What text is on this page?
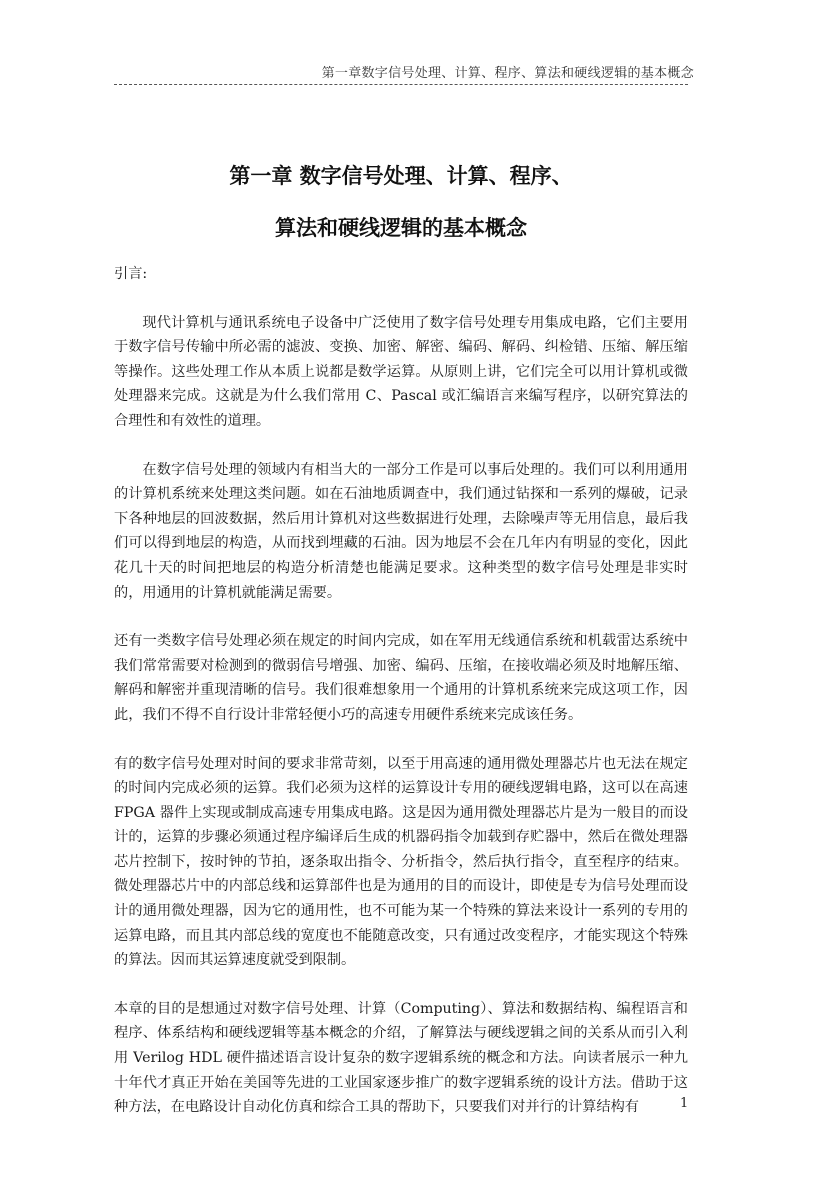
第一章数字信号处理、计算、程序、算法和硬线逻辑的基本概念
第一章 数字信号处理、计算、程序、
算法和硬线逻辑的基本概念

引言:

现代计算机与通讯系统电子设备中广泛使用了数字信号处理专用集成电路，它们主要用于数字信号传输中所必需的滤波、变换、加密、解密、编码、解码、纠检错、压缩、解压缩等操作。这些处理工作从本质上说都是数学运算。从原则上讲，它们完全可以用计算机或微处理器来完成。这就是为什么我们常用 C、Pascal 或汇编语言来编写程序，以研究算法的合理性和有效性的道理。

在数字信号处理的领域内有相当大的一部分工作是可以事后处理的。我们可以利用通用的计算机系统来处理这类问题。如在石油地质调查中，我们通过钻探和一系列的爆破，记录下各种地层的回波数据，然后用计算机对这些数据进行处理，去除噪声等无用信息，最后我们可以得到地层的构造，从而找到埋藏的石油。因为地层不会在几年内有明显的变化，因此花几十天的时间把地层的构造分析清楚也能满足要求。这种类型的数字信号处理是非实时的，用通用的计算机就能满足需要。

还有一类数字信号处理必须在规定的时间内完成，如在军用无线通信系统和机载雷达系统中我们常常需要对检测到的微弱信号增强、加密、编码、压缩，在接收端必须及时地解压缩、解码和解密并重现清晰的信号。我们很难想象用一个通用的计算机系统来完成这项工作，因此，我们不得不自行设计非常轻便小巧的高速专用硬件系统来完成该任务。

有的数字信号处理对时间的要求非常苛刻，以至于用高速的通用微处理器芯片也无法在规定的时间内完成必须的运算。我们必须为这样的运算设计专用的硬线逻辑电路，这可以在高速 FPGA 器件上实现或制成高速专用集成电路。这是因为通用微处理器芯片是为一般目的而设计的，运算的步骤必须通过程序编译后生成的机器码指令加载到存贮器中，然后在微处理器芯片控制下，按时钟的节拍，逐条取出指令、分析指令，然后执行指令，直至程序的结束。微处理器芯片中的内部总线和运算部件也是为通用的目的而设计，即使是专为信号处理而设计的通用微处理器，因为它的通用性，也不可能为某一个特殊的算法来设计一系列的专用的运算电路，而且其内部总线的宽度也不能随意改变，只有通过改变程序，才能实现这个特殊的算法。因而其运算速度就受到限制。

本章的目的是想通过对数字信号处理、计算（Computing）、算法和数据结构、编程语言和程序、体系结构和硬线逻辑等基本概念的介绍，了解算法与硬线逻辑之间的关系从而引入利用 Verilog HDL 硬件描述语言设计复杂的数字逻辑系统的概念和方法。向读者展示一种九十年代才真正开始在美国等先进的工业国家逐步推广的数字逻辑系统的设计方法。借助于这种方法，在电路设计自动化仿真和综合工具的帮助下，只要我们对并行的计算结构有	1
